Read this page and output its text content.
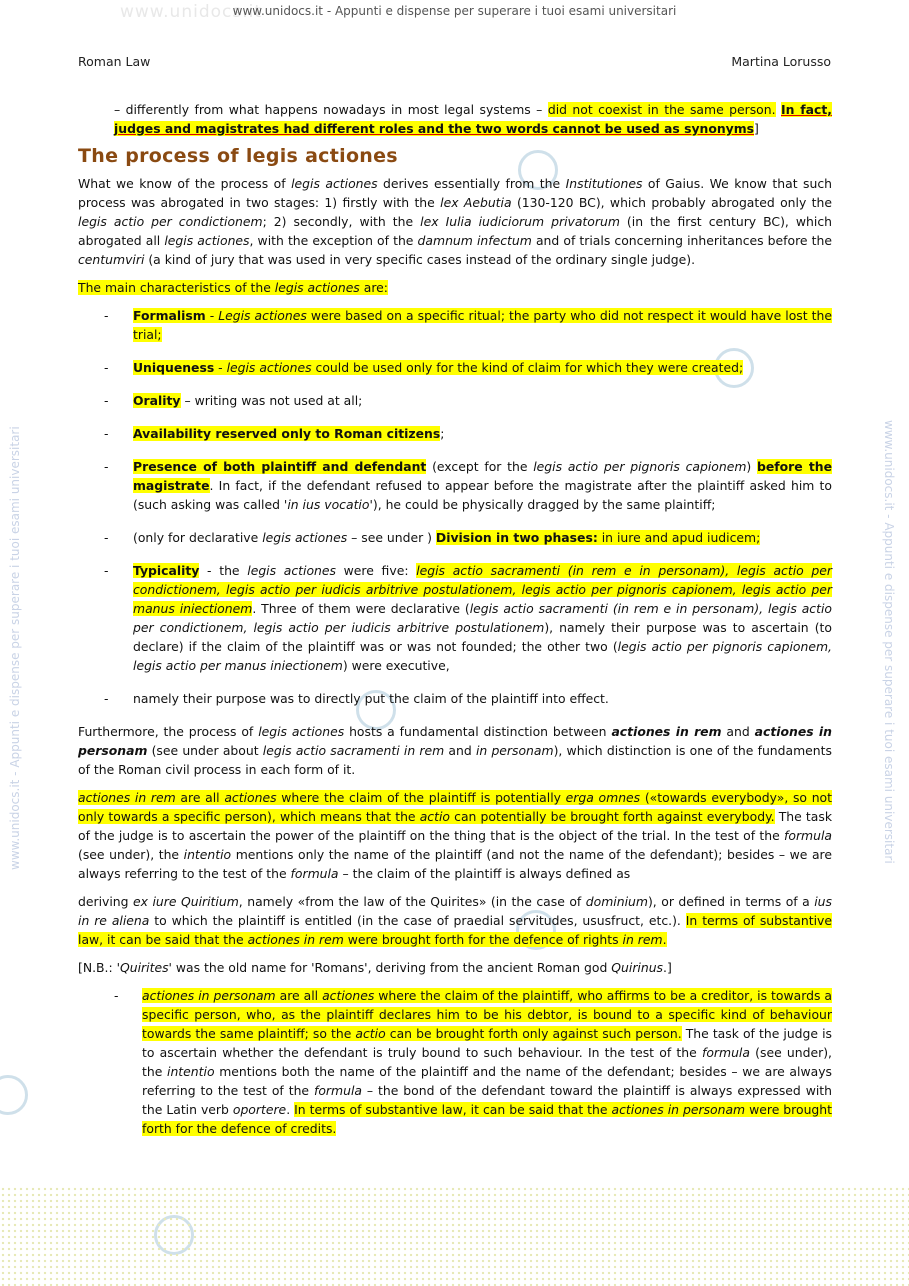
www.unidocs.it
www.unidocs.it - Appunti e dispense per superare i tuoi esami universitari
www.unidocs.it - Appunti e dispense per superare i tuoi esami universitari
www.unidocs.it - Appunti e dispense per superare i tuoi esami universitari
Roman Law	Martina Lorusso

– differently from what happens nowadays in most legal systems – did not coexist in the same person. In fact, judges and magistrates had different roles and the two words cannot be used as synonyms]

The process of legis actiones

What we know of the process of legis actiones derives essentially from the Institutiones of Gaius. We know that such process was abrogated in two stages: 1) firstly with the lex Aebutia (130-120 BC), which probably abrogated only the legis actio per condictionem; 2) secondly, with the lex Iulia iudiciorum privatorum (in the first century BC), which abrogated all legis actiones, with the exception of the damnum infectum and of trials concerning inheritances before the centumviri (a kind of jury that was used in very specific cases instead of the ordinary single judge).

The main characteristics of the legis actiones are:

- Formalism - Legis actiones were based on a specific ritual; the party who did not respect it would have lost the trial;
- Uniqueness - legis actiones could be used only for the kind of claim for which they were created;
- Orality – writing was not used at all;
- Availability reserved only to Roman citizens;
- Presence of both plaintiff and defendant (except for the legis actio per pignoris capionem) before the magistrate. In fact, if the defendant refused to appear before the magistrate after the plaintiff asked him to (such asking was called 'in ius vocatio'), he could be physically dragged by the same plaintiff;
- (only for declarative legis actiones – see under ) Division in two phases: in iure and apud iudicem;
- Typicality - the legis actiones were five: legis actio sacramenti (in rem e in personam), legis actio per condictionem, legis actio per iudicis arbitrive postulationem, legis actio per pignoris capionem, legis actio per manus iniectionem. Three of them were declarative (legis actio sacramenti (in rem e in personam), legis actio per condictionem, legis actio per iudicis arbitrive postulationem), namely their purpose was to ascertain (to declare) if the claim of the plaintiff was or was not founded; the other two (legis actio per pignoris capionem, legis actio per manus iniectionem) were executive,
- namely their purpose was to directly put the claim of the plaintiff into effect.

Furthermore, the process of legis actiones hosts a fundamental distinction between actiones in rem and actiones in personam (see under about legis actio sacramenti in rem and in personam), which distinction is one of the fundaments of the Roman civil process in each form of it.

actiones in rem are all actiones where the claim of the plaintiff is potentially erga omnes («towards everybody», so not only towards a specific person), which means that the actio can potentially be brought forth against everybody. The task of the judge is to ascertain the power of the plaintiff on the thing that is the object of the trial. In the test of the formula (see under), the intentio mentions only the name of the plaintiff (and not the name of the defendant); besides – we are always referring to the test of the formula – the claim of the plaintiff is always defined as

deriving ex iure Quiritium, namely «from the law of the Quirites» (in the case of dominium), or defined in terms of a ius in re aliena to which the plaintiff is entitled (in the case of praedial servitudes, ususfruct, etc.). In terms of substantive law, it can be said that the actiones in rem were brought forth for the defence of rights in rem.

[N.B.: 'Quirites' was the old name for 'Romans', deriving from the ancient Roman god Quirinus.]

- actiones in personam are all actiones where the claim of the plaintiff, who affirms to be a creditor, is towards a specific person, who, as the plaintiff declares him to be his debtor, is bound to a specific kind of behaviour towards the same plaintiff; so the actio can be brought forth only against such person. The task of the judge is to ascertain whether the defendant is truly bound to such behaviour. In the test of the formula (see under), the intentio mentions both the name of the plaintiff and the name of the defendant; besides – we are always referring to the test of the formula – the bond of the defendant toward the plaintiff is always expressed with the Latin verb oportere. In terms of substantive law, it can be said that the actiones in personam were brought forth for the defence of credits.
